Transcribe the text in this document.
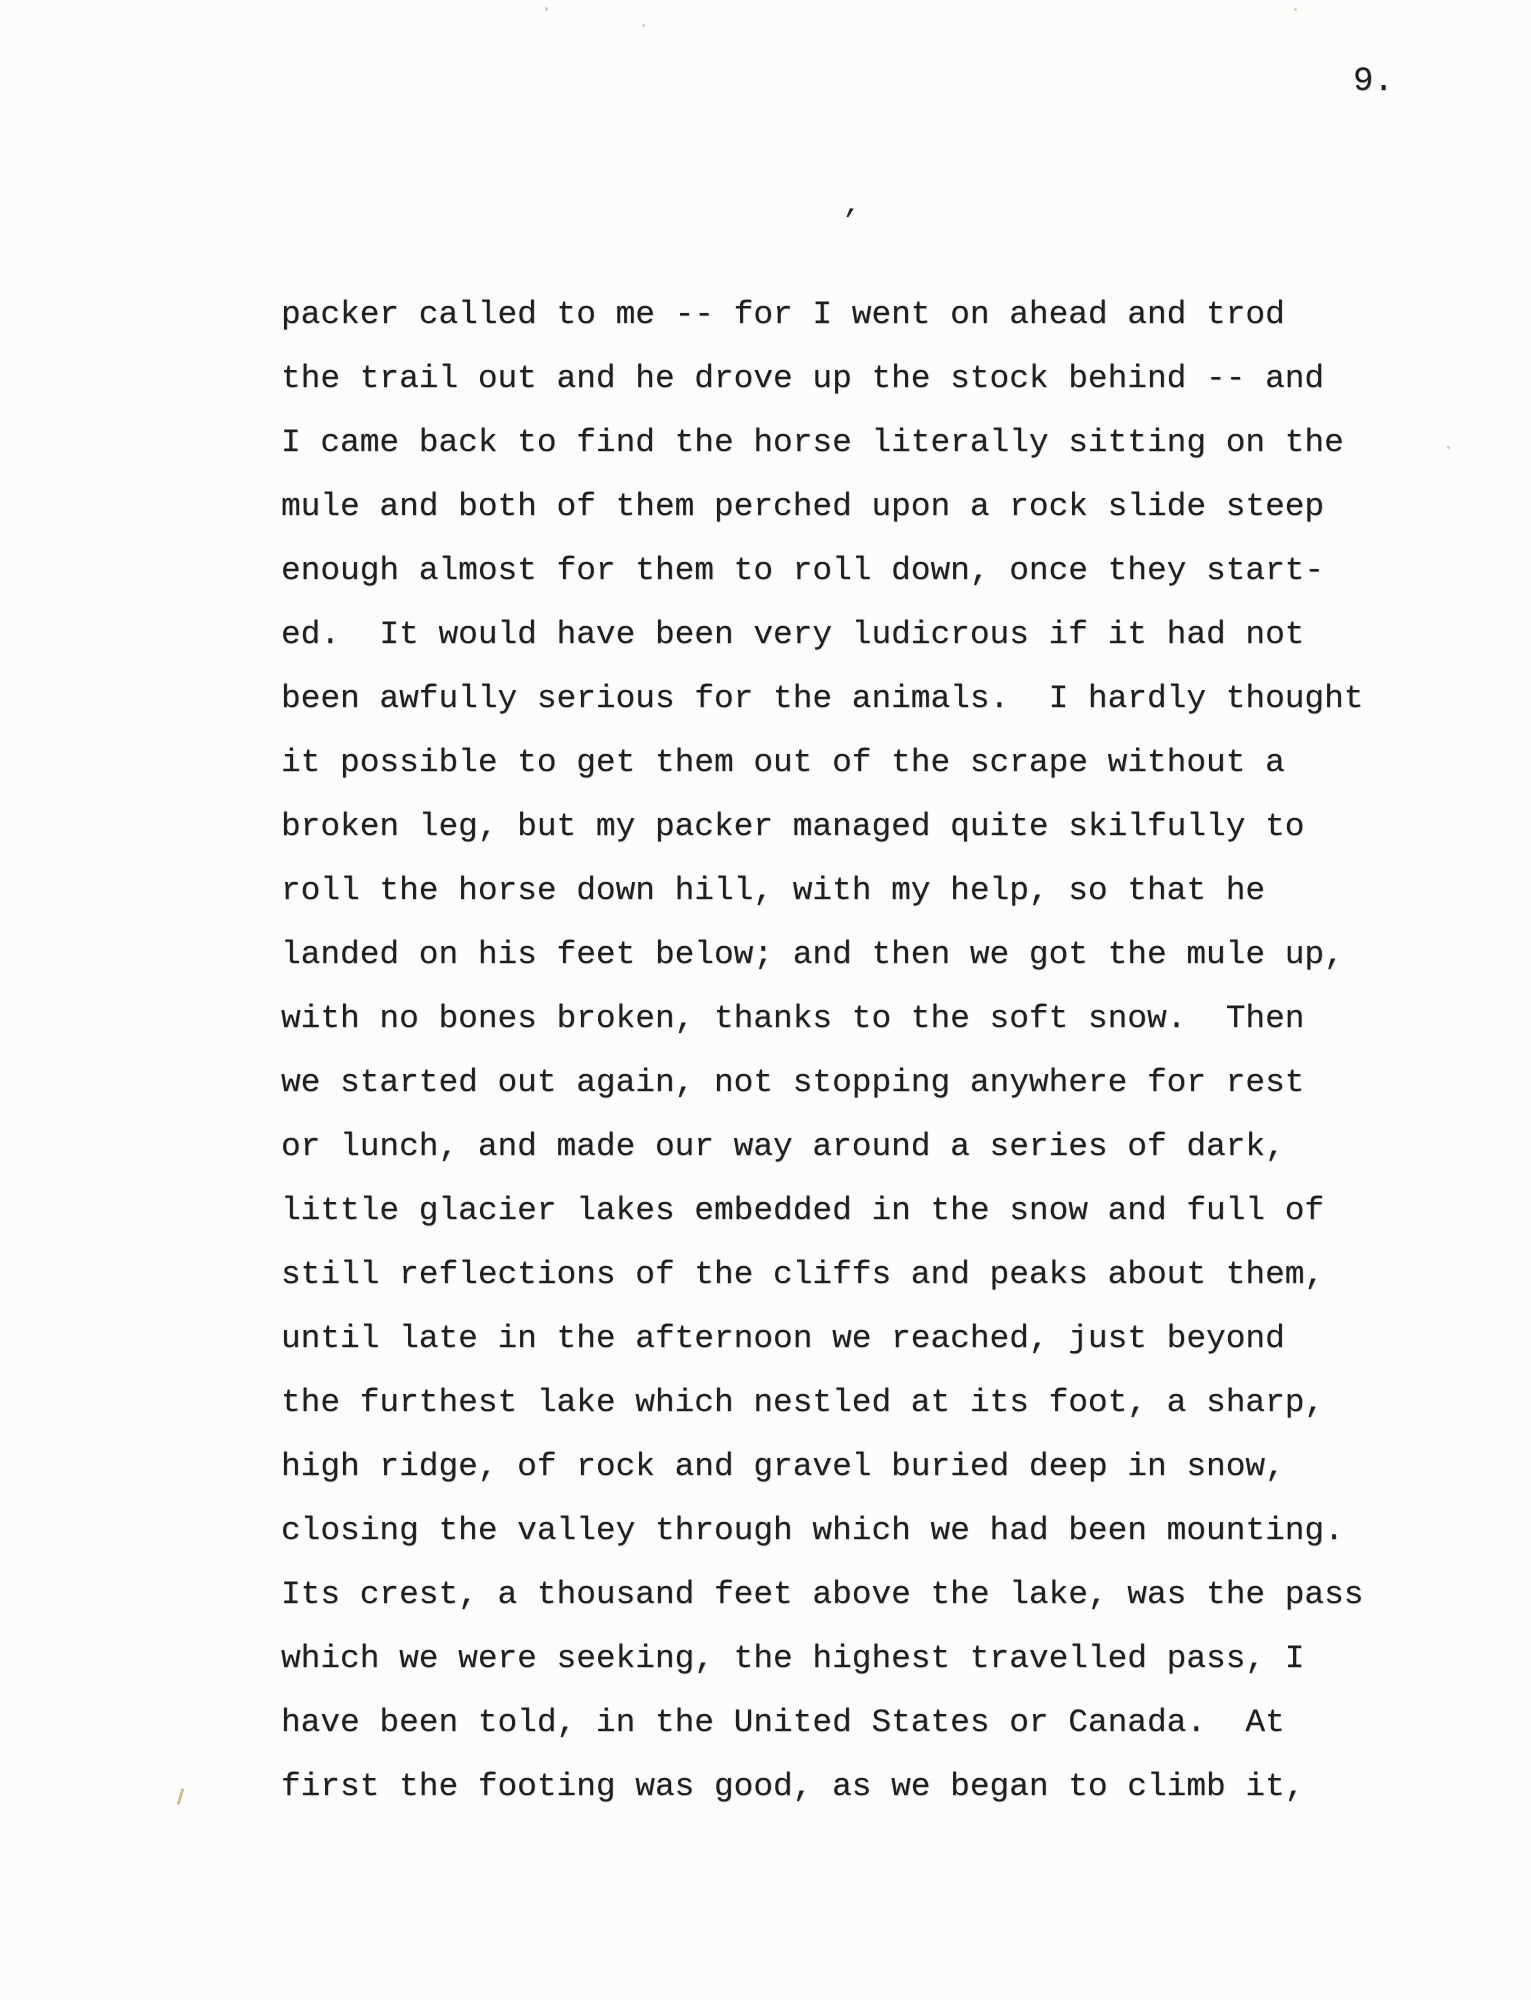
9.
packer called to me -- for I went on ahead and trod
the trail out and he drove up the stock behind -- and
I came back to find the horse literally sitting on the
mule and both of them perched upon a rock slide steep
enough almost for them to roll down, once they start-
ed.  It would have been very ludicrous if it had not
been awfully serious for the animals.  I hardly thought
it possible to get them out of the scrape without a
broken leg, but my packer managed quite skilfully to
roll the horse down hill, with my help, so that he
landed on his feet below; and then we got the mule up,
with no bones broken, thanks to the soft snow.  Then
we started out again, not stopping anywhere for rest
or lunch, and made our way around a series of dark,
little glacier lakes embedded in the snow and full of
still reflections of the cliffs and peaks about them,
until late in the afternoon we reached, just beyond
the furthest lake which nestled at its foot, a sharp,
high ridge, of rock and gravel buried deep in snow,
closing the valley through which we had been mounting.
Its crest, a thousand feet above the lake, was the pass
which we were seeking, the highest travelled pass, I
have been told, in the United States or Canada.  At
first the footing was good, as we began to climb it,
’
